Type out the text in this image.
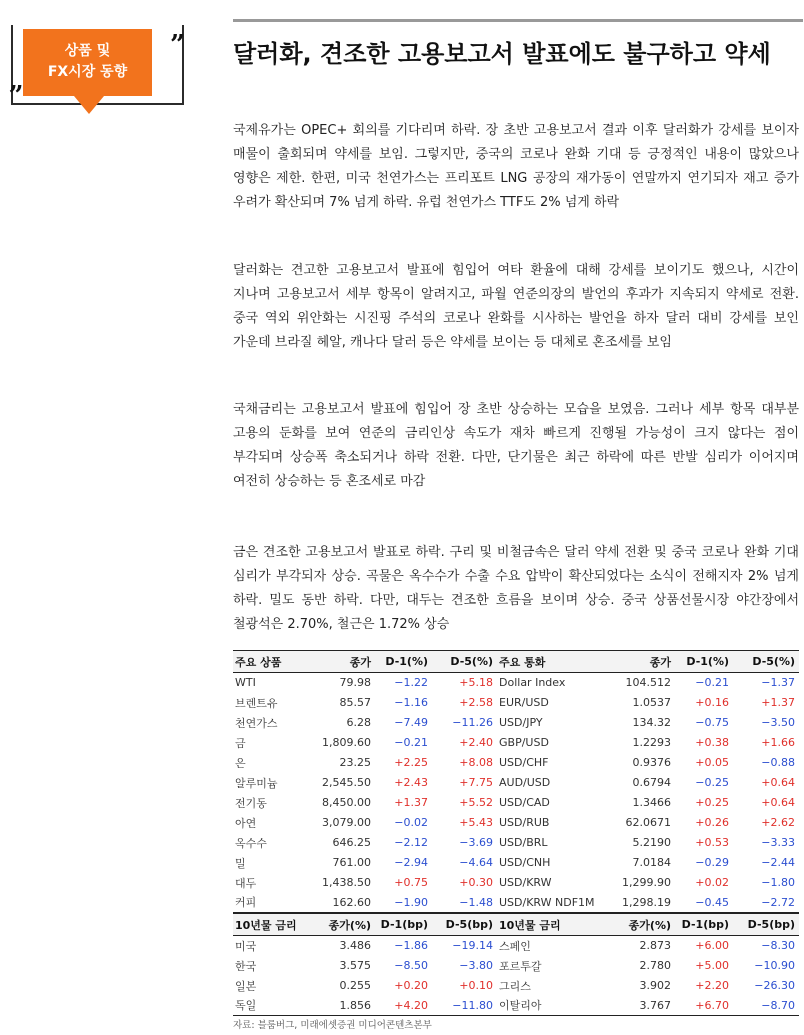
상품 및
FX시장 동향
„
” 달러화, 견조한 고용보고서 발표에도 불구하고 약세

국제유가는 OPEC+ 회의를 기다리며 하락. 장 초반 고용보고서 결과 이후 달러화가 강세를 보이자 매물이 출회되며 약세를 보임. 그렇지만, 중국의 코로나 완화 기대 등 긍정적인 내용이 많았으나 영향은 제한. 한편, 미국 천연가스는 프리포트 LNG 공장의 재가동이 연말까지 연기되자 재고 증가 우려가 확산되며 7% 넘게 하락. 유럽 천연가스 TTF도 2% 넘게 하락

달러화는 견고한 고용보고서 발표에 힘입어 여타 환율에 대해 강세를 보이기도 했으나, 시간이 지나며 고용보고서 세부 항목이 알려지고, 파월 연준의장의 발언의 후과가 지속되지 약세로 전환. 중국 역외 위안화는 시진핑 주석의 코로나 완화를 시사하는 발언을 하자 달러 대비 강세를 보인 가운데 브라질 헤알, 캐나다 달러 등은 약세를 보이는 등 대체로 혼조세를 보임

국채금리는 고용보고서 발표에 힘입어 장 초반 상승하는 모습을 보였음. 그러나 세부 항목 대부분 고용의 둔화를 보여 연준의 금리인상 속도가 재차 빠르게 진행될 가능성이 크지 않다는 점이 부각되며 상승폭 축소되거나 하락 전환. 다만, 단기물은 최근 하락에 따른 반발 심리가 이어지며 여전히 상승하는 등 혼조세로 마감

금은 견조한 고용보고서 발표로 하락. 구리 및 비철금속은 달러 약세 전환 및 중국 코로나 완화 기대 심리가 부각되자 상승. 곡물은 옥수수가 수출 수요 압박이 확산되었다는 소식이 전해지자 2% 넘게 하락. 밀도 동반 하락. 다만, 대두는 견조한 흐름을 보이며 상승. 중국 상품선물시장 야간장에서 철광석은 2.70%, 철근은 1.72% 상승

주요 상품	종가	D-1(%)	D-5(%)	주요 통화	종가	D-1(%)	D-5(%)
WTI	79.98	−1.22	+5.18	Dollar Index	104.512	−0.21	−1.37
브렌트유	85.57	−1.16	+2.58	EUR/USD	1.0537	+0.16	+1.37
천연가스	6.28	−7.49	−11.26	USD/JPY	134.32	−0.75	−3.50
금	1,809.60	−0.21	+2.40	GBP/USD	1.2293	+0.38	+1.66
은	23.25	+2.25	+8.08	USD/CHF	0.9376	+0.05	−0.88
알루미늄	2,545.50	+2.43	+7.75	AUD/USD	0.6794	−0.25	+0.64
전기동	8,450.00	+1.37	+5.52	USD/CAD	1.3466	+0.25	+0.64
아연	3,079.00	−0.02	+5.43	USD/RUB	62.0671	+0.26	+2.62
옥수수	646.25	−2.12	−3.69	USD/BRL	5.2190	+0.53	−3.33
밀	761.00	−2.94	−4.64	USD/CNH	7.0184	−0.29	−2.44
대두	1,438.50	+0.75	+0.30	USD/KRW	1,299.90	+0.02	−1.80
커피	162.60	−1.90	−1.48	USD/KRW NDF1M	1,298.19	−0.45	−2.72
10년물 금리	종가(%)	D-1(bp)	D-5(bp)	10년물 금리	종가(%)	D-1(bp)	D-5(bp)
미국	3.486	−1.86	−19.14	스페인	2.873	+6.00	−8.30
한국	3.575	−8.50	−3.80	포르투갈	2.780	+5.00	−10.90
일본	0.255	+0.20	+0.10	그리스	3.902	+2.20	−26.30
독일	1.856	+4.20	−11.80	이탈리아	3.767	+6.70	−8.70
자료: 블룸버그, 미래에셋증권 미디어콘텐츠본부
